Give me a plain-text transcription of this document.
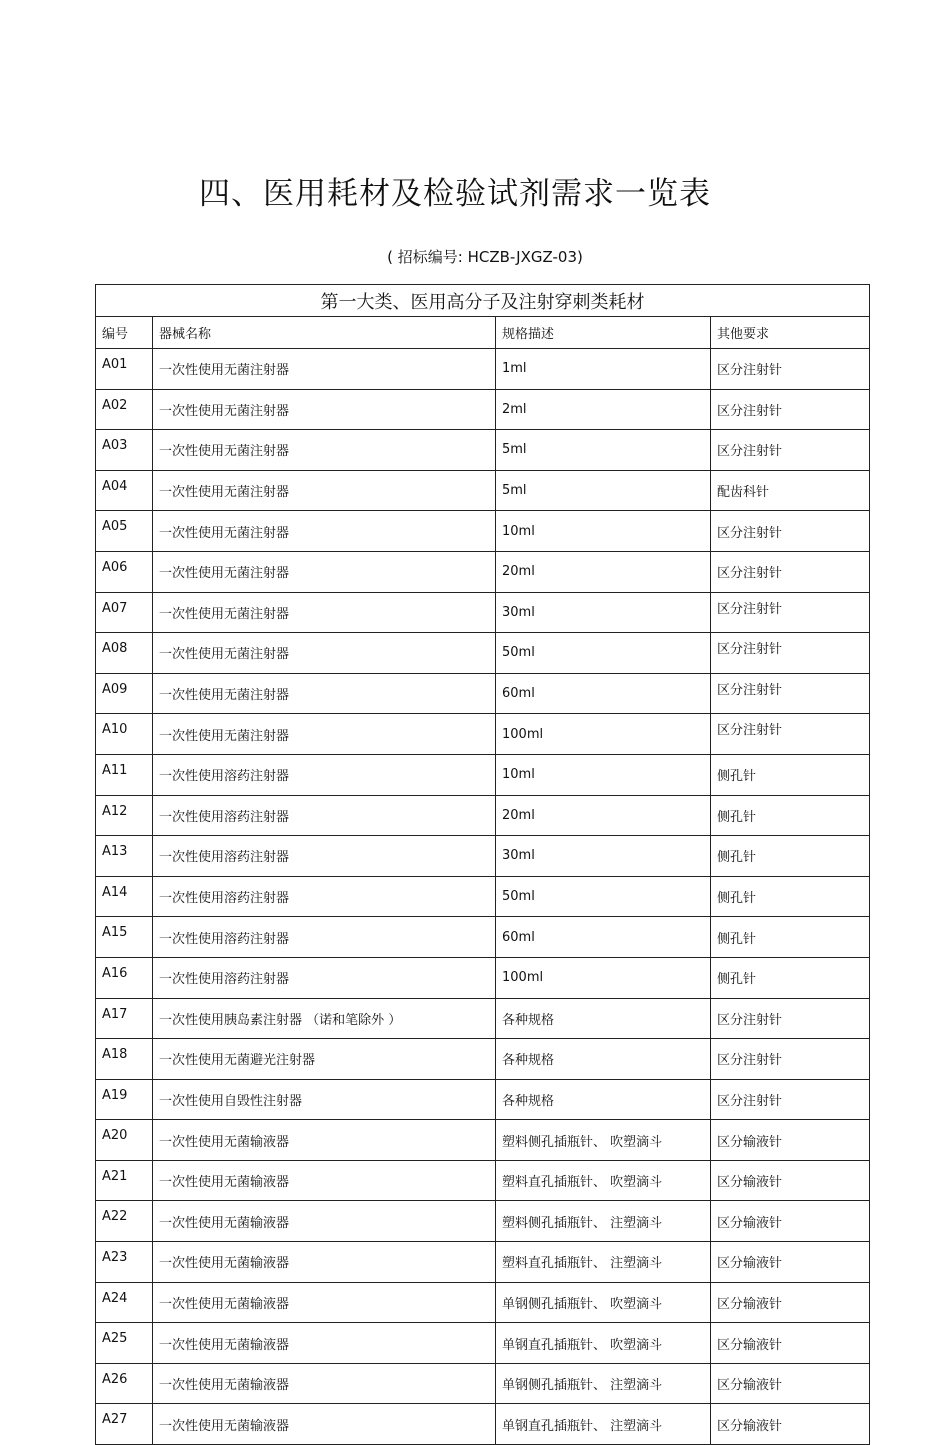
四、医用耗材及检验试剂需求一览表
( 招标编号: HCZB-JXGZ-03)
第一大类、医用高分子及注射穿刺类耗材			
编号	器械名称	规格描述	其他要求
A01	一次性使用无菌注射器	1ml	区分注射针
A02	一次性使用无菌注射器	2ml	区分注射针
A03	一次性使用无菌注射器	5ml	区分注射针
A04	一次性使用无菌注射器	5ml	配齿科针
A05	一次性使用无菌注射器	10ml	区分注射针
A06	一次性使用无菌注射器	20ml	区分注射针
A07	一次性使用无菌注射器	30ml	区分注射针
A08	一次性使用无菌注射器	50ml	区分注射针
A09	一次性使用无菌注射器	60ml	区分注射针
A10	一次性使用无菌注射器	100ml	区分注射针
A11	一次性使用溶药注射器	10ml	侧孔针
A12	一次性使用溶药注射器	20ml	侧孔针
A13	一次性使用溶药注射器	30ml	侧孔针
A14	一次性使用溶药注射器	50ml	侧孔针
A15	一次性使用溶药注射器	60ml	侧孔针
A16	一次性使用溶药注射器	100ml	侧孔针
A17	一次性使用胰岛素注射器 （诺和笔除外 ）	各种规格	区分注射针
A18	一次性使用无菌避光注射器	各种规格	区分注射针
A19	一次性使用自毁性注射器	各种规格	区分注射针
A20	一次性使用无菌输液器	塑料侧孔插瓶针、 吹塑滴斗	区分输液针
A21	一次性使用无菌输液器	塑料直孔插瓶针、 吹塑滴斗	区分输液针
A22	一次性使用无菌输液器	塑料侧孔插瓶针、 注塑滴斗	区分输液针
A23	一次性使用无菌输液器	塑料直孔插瓶针、 注塑滴斗	区分输液针
A24	一次性使用无菌输液器	单钢侧孔插瓶针、 吹塑滴斗	区分输液针
A25	一次性使用无菌输液器	单钢直孔插瓶针、 吹塑滴斗	区分输液针
A26	一次性使用无菌输液器	单钢侧孔插瓶针、 注塑滴斗	区分输液针
A27	一次性使用无菌输液器	单钢直孔插瓶针、 注塑滴斗	区分输液针
